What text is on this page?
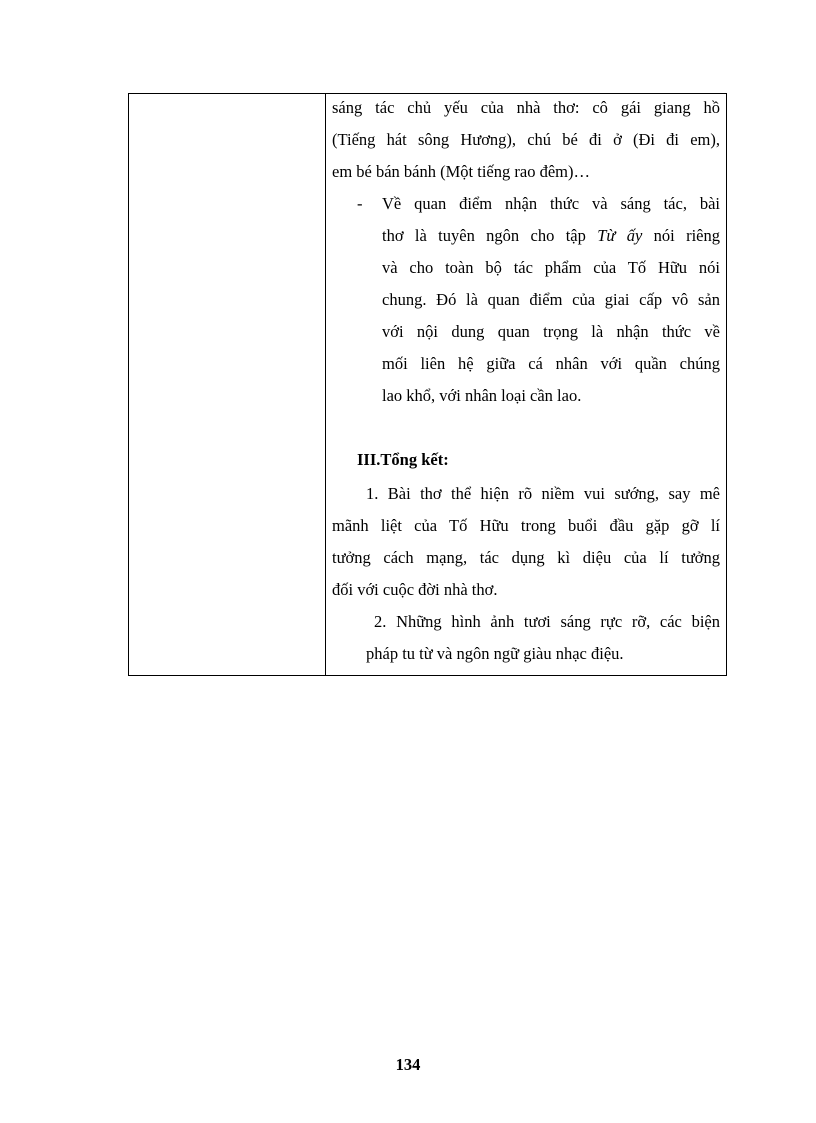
sáng tác chủ yếu của nhà thơ: cô gái giang hồ
(Tiếng hát sông Hương), chú bé đi ở (Đi đi em),
em bé bán bánh (Một tiếng rao đêm)…
- Về quan điểm nhận thức và sáng tác, bài
thơ là tuyên ngôn cho tập Từ ấy nói riêng
và cho toàn bộ tác phẩm của Tố Hữu nói
chung. Đó là quan điểm của giai cấp vô sản
với nội dung quan trọng là nhận thức về
mối liên hệ giữa cá nhân với quần chúng
lao khổ, với nhân loại cần lao.
III.Tổng kết:
1. Bài thơ thể hiện rõ niềm vui sướng, say mê
mãnh liệt của Tố Hữu trong buổi đầu gặp gỡ lí
tưởng cách mạng, tác dụng kì diệu của lí tưởng
đối với cuộc đời nhà thơ.
2. Những hình ảnh tươi sáng rực rỡ, các biện
pháp tu từ và ngôn ngữ giàu nhạc điệu.
134
